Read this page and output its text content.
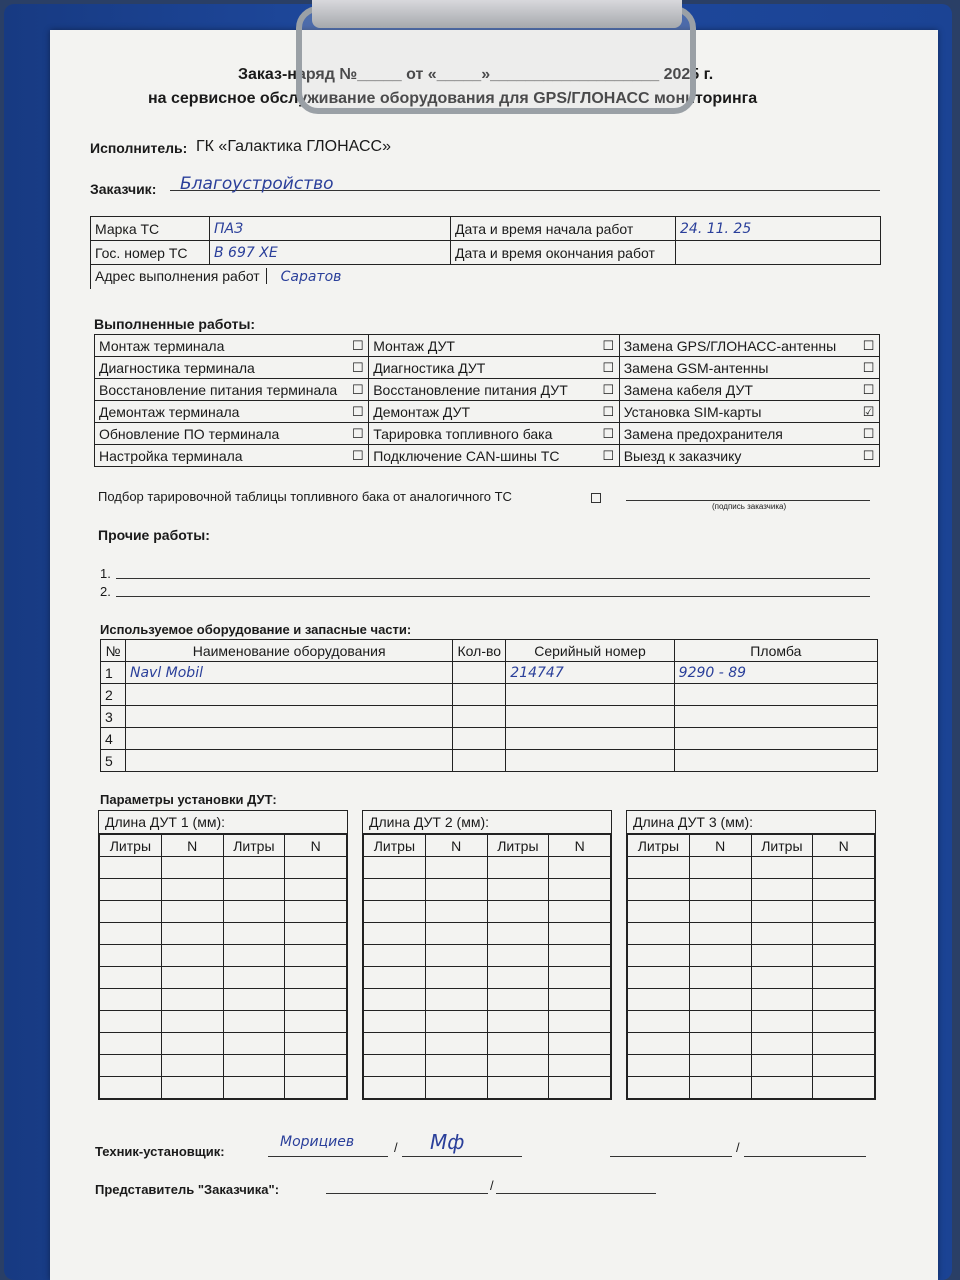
Заказ-наряд №_____ от «_____»___________________ 2025 г.
на сервисное обслуживание оборудования для GPS/ГЛОНАСС мониторинга
Исполнитель: ГК «Галактика ГЛОНАСС»
Заказчик: Благоустройство
Марка ТС	ПАЗ	Дата и время начала работ	24. 11. 25
Гос. номер ТС	В 697 ХЕ	Дата и время окончания работ	
Адрес выполнения работ Саратов			
Выполненные работы:
Монтаж терминала	☐	Монтаж ДУТ	☐	Замена GPS/ГЛОНАСС-антенны	☐
Диагностика терминала	☐	Диагностика ДУТ	☐	Замена GSM-антенны	☐
Восстановление питания терминала	☐	Восстановление питания ДУТ	☐	Замена кабеля ДУТ	☐
Демонтаж терминала	☐	Демонтаж ДУТ	☐	Установка SIM-карты	☑
Обновление ПО терминала	☐	Тарировка топливного бака	☐	Замена предохранителя	☐
Настройка терминала	☐	Подключение CAN-шины ТС	☐	Выезд к заказчику	☐
Подбор тарировочной таблицы топливного бака от аналогичного ТС
(подпись заказчика)
Прочие работы:
1.
2.
Используемое оборудование и запасные части:
№	Наименование оборудования	Кол-во	Серийный номер	Пломба
1	Navl Mobil		214747	9290 - 89
2				
3				
4				
5				
Параметры установки ДУТ:
Длина ДУТ 1 (мм):
Литры	N	Литры	N

Длина ДУТ 2 (мм):
Литры	N	Литры	N

Длина ДУТ 3 (мм):
Литры	N	Литры	N

Техник-установщик:
Морициев	/ Мф	/
Представитель "Заказчика":	/
